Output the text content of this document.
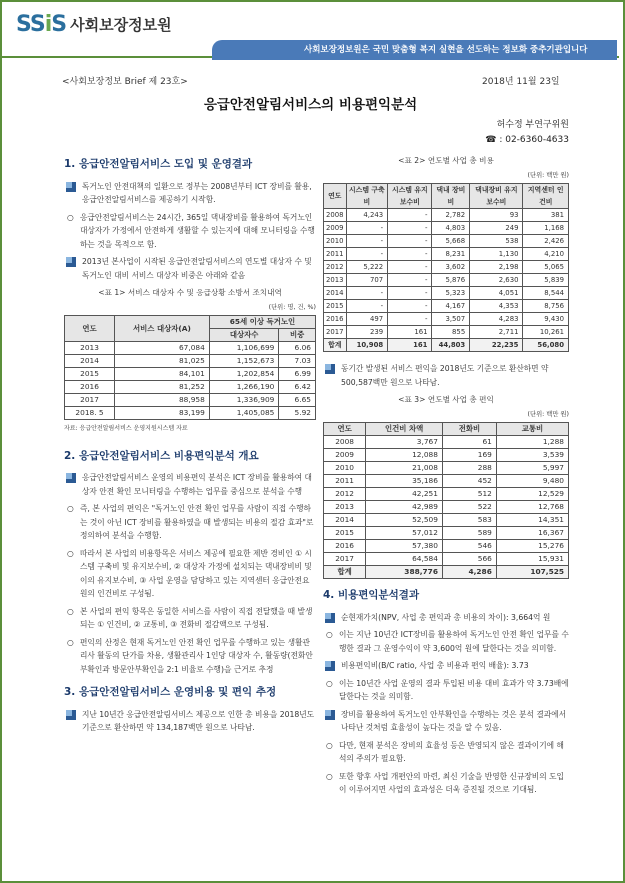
SSiS 사회보장정보원
사회보장정보원은 국민 맞춤형 복지 실현을 선도하는 정보화 중추기관입니다
<사회보장정보 Brief 제 23호>	2018년 11월 23일
응급안전알림서비스의 비용편익분석
허수정 부연구위원
☎ : 02-6360-4633
1. 응급안전알림서비스 도입 및 운영결과
독거노인 안전대책의 일환으로 정부는 2008년부터 ICT 장비를 활용, 응급안전알림서비스를 제공하기 시작함.
○ 응급안전알림서비스는 24시간, 365일 댁내장비를 활용하여 독거노인 대상자가 가정에서 안전하게 생활할 수 있는지에 대해 모니터링을 수행하는 것을 목적으로 함.
2013년 본사업이 시작된 응급안전알림서비스의 연도별 대상자 수 및 독거노인 대비 서비스 대상자 비중은 아래와 같음
<표 1> 서비스 대상자 수 및 응급상황 소방서 조치내역
(단위: 명, 건, %)
연도	서비스 대상자(A)	65세 이상 독거노인	
		대상자수	비중
2013	67,084	1,106,699	6.06
2014	81,025	1,152,673	7.03
2015	84,101	1,202,854	6.99
2016	81,252	1,266,190	6.42
2017	88,958	1,336,909	6.65
2018. 5	83,199	1,405,085	5.92
자료: 응급안전알림서비스 운영지원시스템 자료
2. 응급안전알림서비스 비용편익분석 개요
응급안전알림서비스 운영의 비용편익 분석은 ICT 장비를 활용하여 대상자 안전 확인 모니터링을 수행하는 업무를 중심으로 분석을 수행
○ 즉, 본 사업의 편익은 "독거노인 안전 확인 업무를 사람이 직접 수행하는 것이 아닌 ICT 장비를 활용하였을 때 발생되는 비용의 절감 효과"로 정의하여 분석을 수행함.
○ 따라서 본 사업의 비용항목은 서비스 제공에 필요한 제반 경비인 ① 시스템 구축비 및 유지보수비, ② 대상자 가정에 설치되는 댁내장비비 및 이의 유지보수비, ③ 사업 운영을 담당하고 있는 지역센터 응급안전요원의 인건비로 구성됨.
○ 본 사업의 편익 항목은 동일한 서비스를 사람이 직접 전달했을 때 발생되는 ① 인건비, ② 교통비, ③ 전화비 절감액으로 구성됨.
○ 편익의 산정은 현재 독거노인 안전 확인 업무를 수행하고 있는 생활관리사 활동의 단가를 차용, 생활관리사 1인당 대상자 수, 활동량(전화안부확인과 방문안부확인을 2:1 비율로 수행)을 근거로 추정
3. 응급안전알림서비스 운영비용 및 편익 추정
지난 10년간 응급안전알림서비스 제공으로 인한 총 비용을 2018년도 기준으로 환산하면 약 134,187백만 원으로 나타남.
<표 2> 연도별 사업 총 비용
(단위: 백만 원)
연도	시스템 구축비	시스템 유지보수비	댁내 장비비	댁내장비 유지보수비	지역센터 인건비
2008	4,243	-	2,782	93	381
2009	-	-	4,803	249	1,168
2010	-	-	5,668	538	2,426
2011	-	-	8,231	1,130	4,210
2012	5,222	-	3,602	2,198	5,065
2013	707	-	5,876	2,630	5,839
2014	-	-	5,323	4,051	8,544
2015	-	-	4,167	4,353	8,756
2016	497	-	3,507	4,283	9,430
2017	239	161	855	2,711	10,261
합계	10,908	161	44,803	22,235	56,080
동기간 발생된 서비스 편익을 2018년도 기준으로 환산하면 약 500,587백만 원으로 나타남.
<표 3> 연도별 사업 총 편익
(단위: 백만 원)
연도	인건비 차액	전화비	교통비
2008	3,767	61	1,288
2009	12,088	169	3,539
2010	21,008	288	5,997
2011	35,186	452	9,480
2012	42,251	512	12,529
2013	42,989	522	12,768
2014	52,509	583	14,351
2015	57,012	589	16,367
2016	57,380	546	15,276
2017	64,584	566	15,931
합계	388,776	4,286	107,525
4. 비용편익분석결과
순현재가치(NPV, 사업 총 편익과 총 비용의 차이): 3,664억 원
○ 이는 지난 10년간 ICT장비를 활용하여 독거노인 안전 확인 업무를 수행한 결과 그 운영수익이 약 3,600억 원에 달한다는 것을 의미함.
비용편익비(B/C ratio, 사업 총 비용과 편익 배율): 3.73
○ 이는 10년간 사업 운영의 결과 투입된 비용 대비 효과가 약 3.73배에 달한다는 것을 의미함.
장비를 활용하여 독거노인 안부확인을 수행하는 것은 분석 결과에서 나타난 것처럼 효율성이 높다는 것을 알 수 있음.
○ 다만, 현재 분석은 장비의 효율성 등은 반영되지 않은 결과이기에 해석의 주의가 필요함.
○ 또한 향후 사업 개편안의 마련, 최신 기술을 반영한 신규장비의 도입이 이루어지면 사업의 효과성은 더욱 증진될 것으로 기대됨.
